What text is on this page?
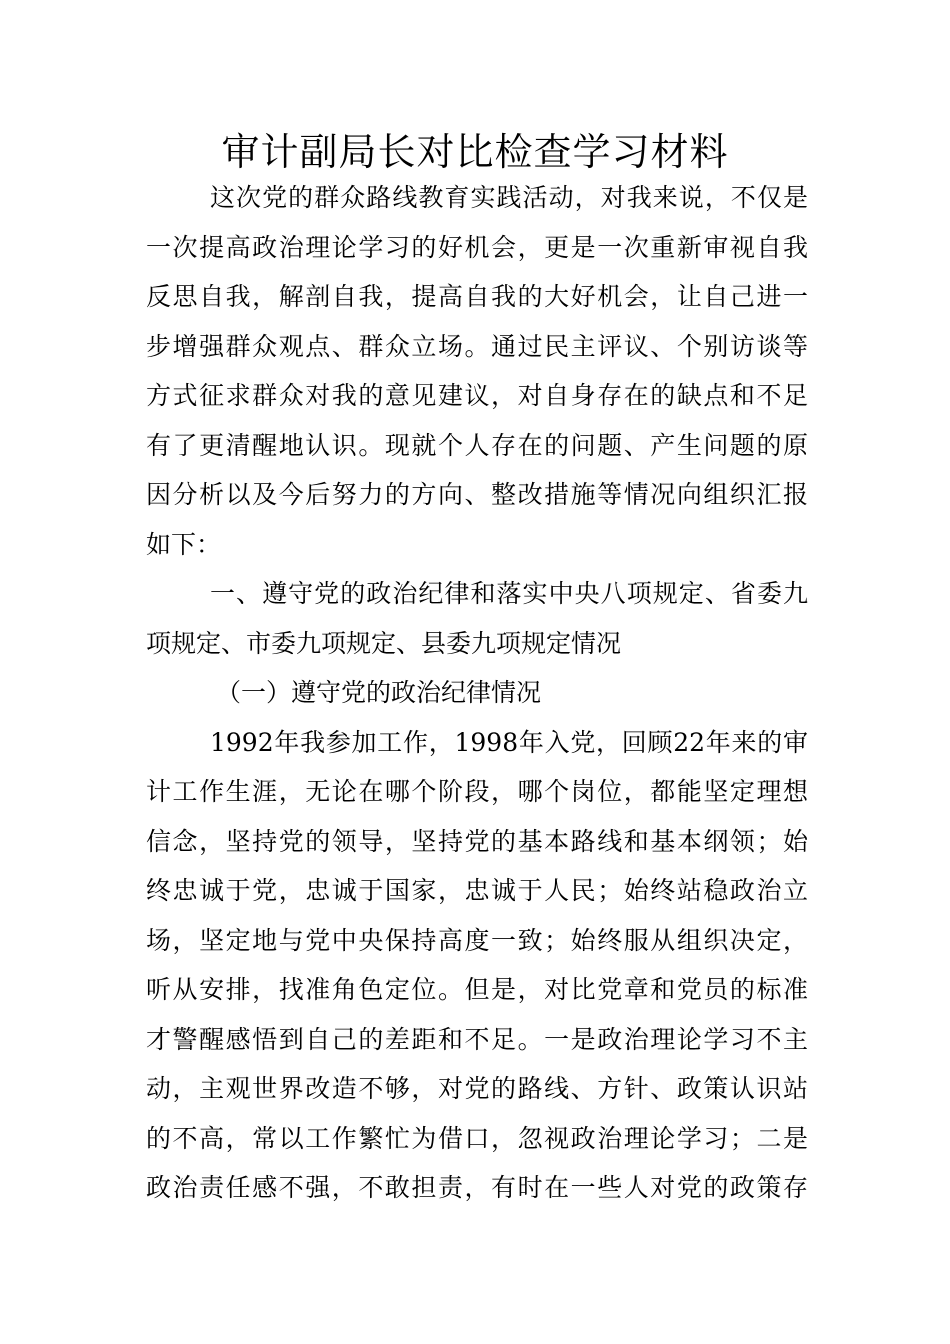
审计副局长对比检查学习材料
这次党的群众路线教育实践活动，对我来说，不仅是
一次提高政治理论学习的好机会，更是一次重新审视自我
反思自我，解剖自我，提高自我的大好机会，让自己进一
步增强群众观点、群众立场。通过民主评议、个别访谈等
方式征求群众对我的意见建议，对自身存在的缺点和不足
有了更清醒地认识。现就个人存在的问题、产生问题的原
因分析以及今后努力的方向、整改措施等情况向组织汇报
如下：
一、遵守党的政治纪律和落实中央八项规定、省委九
项规定、市委九项规定、县委九项规定情况
（一）遵守党的政治纪律情况
1992年我参加工作，1998年入党，回顾22年来的审
计工作生涯，无论在哪个阶段，哪个岗位，都能坚定理想
信念，坚持党的领导，坚持党的基本路线和基本纲领；始
终忠诚于党，忠诚于国家，忠诚于人民；始终站稳政治立
场，坚定地与党中央保持高度一致；始终服从组织决定，
听从安排，找准角色定位。但是，对比党章和党员的标准
才警醒感悟到自己的差距和不足。一是政治理论学习不主
动，主观世界改造不够，对党的路线、方针、政策认识站
的不高，常以工作繁忙为借口，忽视政治理论学习；二是
政治责任感不强，不敢担责，有时在一些人对党的政策存
